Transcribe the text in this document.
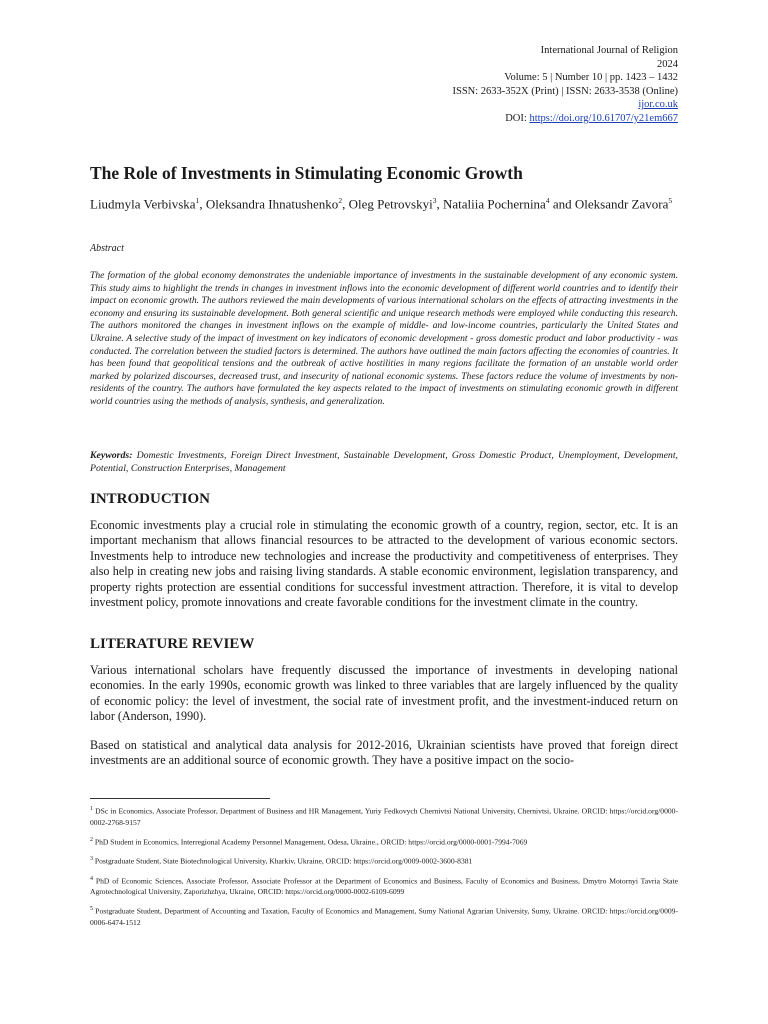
International Journal of Religion
2024
Volume: 5 | Number 10 | pp. 1423 – 1432
ISSN: 2633-352X (Print) | ISSN: 2633-3538 (Online)
ijor.co.uk
DOI: https://doi.org/10.61707/y21em667
The Role of Investments in Stimulating Economic Growth
Liudmyla Verbivska$^1$, Oleksandra Ihnatushenko$^2$, Oleg Petrovskyi$^3$, Nataliia Pochernina$^4$ and Oleksandr Zavora$^5$
Abstract

The formation of the global economy demonstrates the undeniable importance of investments in the sustainable development of any economic system. This study aims to highlight the trends in changes in investment inflows into the economic development of different world countries and to identify their impact on economic growth. The authors reviewed the main developments of various international scholars on the effects of attracting investments in the economy and ensuring its sustainable development. Both general scientific and unique research methods were employed while conducting this research. The authors monitored the changes in investment inflows on the example of middle- and low-income countries, particularly the United States and Ukraine. A selective study of the impact of investment on key indicators of economic development - gross domestic product and labor productivity - was conducted. The correlation between the studied factors is determined. The authors have outlined the main factors affecting the economies of countries. It has been found that geopolitical tensions and the outbreak of active hostilities in many regions facilitate the formation of an unstable world order marked by polarized discourses, decreased trust, and insecurity of national economic systems. These factors reduce the volume of investments by non-residents of the country. The authors have formulated the key aspects related to the impact of investments on stimulating economic growth in different world countries using the methods of analysis, synthesis, and generalization.

Keywords: Domestic Investments, Foreign Direct Investment, Sustainable Development, Gross Domestic Product, Unemployment, Development, Potential, Construction Enterprises, Management

INTRODUCTION

Economic investments play a crucial role in stimulating the economic growth of a country, region, sector, etc. It is an important mechanism that allows financial resources to be attracted to the development of various economic sectors. Investments help to introduce new technologies and increase the productivity and competitiveness of enterprises. They also help in creating new jobs and raising living standards. A stable economic environment, legislation transparency, and property rights protection are essential conditions for successful investment attraction. Therefore, it is vital to develop investment policy, promote innovations and create favorable conditions for the investment climate in the country.

LITERATURE REVIEW

Various international scholars have frequently discussed the importance of investments in developing national economies. In the early 1990s, economic growth was linked to three variables that are largely influenced by the quality of economic policy: the level of investment, the social rate of investment profit, and the investment-induced return on labor (Anderson, 1990).

Based on statistical and analytical data analysis for 2012-2016, Ukrainian scientists have proved that foreign direct investments are an additional source of economic growth. They have a positive impact on the socio-

$^1$ DSc in Economics, Associate Professor, Department of Business and HR Management, Yuriy Fedkovych Chernivtsi National University, Chernivtsi, Ukraine. ORCID: https://orcid.org/0000-0002-2768-9157

$^2$ PhD Student in Economics, Interregional Academy Personnel Management, Odesa, Ukraine., ORCID: https://orcid.org/0000-0001-7994-7069

$^3$ Postgraduate Student, State Biotechnological University, Kharkiv, Ukraine, ORCID: https://orcid.org/0009-0002-3600-8381

$^4$ PhD of Economic Sciences, Associate Professor, Associate Professor at the Department of Economics and Business, Faculty of Economics and Business, Dmytro Motornyi Tavria State Agrotechnological University, Zaporizhzhya, Ukraine, ORCID: https://orcid.org/0000-0002-6109-6099

$^5$ Postgraduate Student, Department of Accounting and Taxation, Faculty of Economics and Management, Sumy National Agrarian University, Sumy, Ukraine. ORCID: https://orcid.org/0009-0006-6474-1512
